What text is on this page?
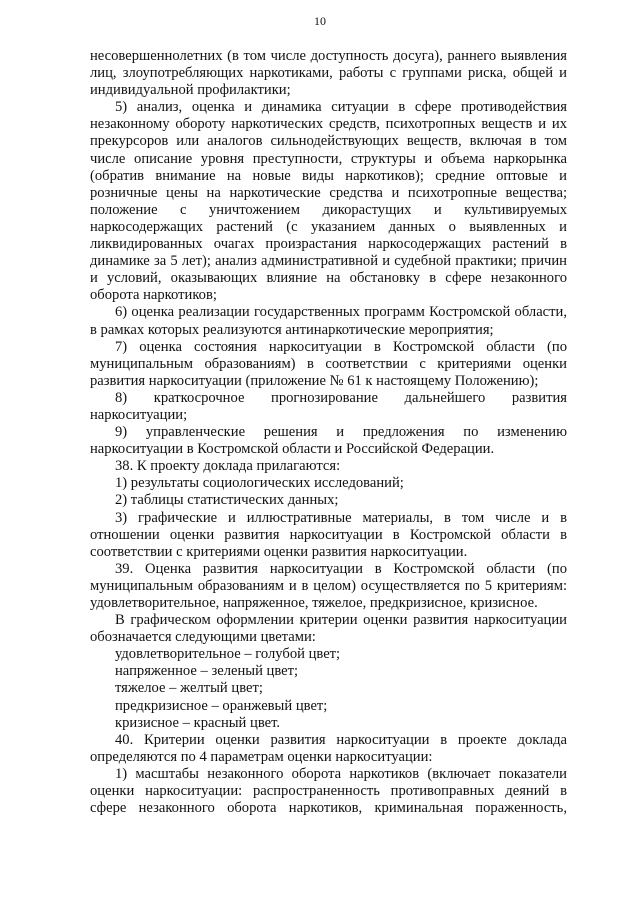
10

несовершеннолетних (в том числе доступность досуга), раннего выявления лиц, злоупотребляющих наркотиками, работы с группами риска, общей и индивидуальной профилактики;

5) анализ, оценка и динамика ситуации в сфере противодействия незаконному обороту наркотических средств, психотропных веществ и их прекурсоров или аналогов сильнодействующих веществ, включая в том числе описание уровня преступности, структуры и объема наркорынка (обратив внимание на новые виды наркотиков); средние оптовые и розничные цены на наркотические средства и психотропные вещества; положение с уничтожением дикорастущих и культивируемых наркосодержащих растений (с указанием данных о выявленных и ликвидированных очагах произрастания наркосодержащих растений в динамике за 5 лет); анализ административной и судебной практики; причин и условий, оказывающих влияние на обстановку в сфере незаконного оборота наркотиков;

6) оценка реализации государственных программ Костромской области, в рамках которых реализуются антинаркотические мероприятия;

7) оценка состояния наркоситуации в Костромской области (по муниципальным образованиям) в соответствии с критериями оценки развития наркоситуации (приложение № 61 к настоящему Положению);

8) краткосрочное прогнозирование дальнейшего развития наркоситуации;

9) управленческие решения и предложения по изменению наркоситуации в Костромской области и Российской Федерации.

38. К проекту доклада прилагаются:

1) результаты социологических исследований;

2) таблицы статистических данных;

3) графические и иллюстративные материалы, в том числе и в отношении оценки развития наркоситуации в Костромской области в соответствии с критериями оценки развития наркоситуации.

39. Оценка развития наркоситуации в Костромской области (по муниципальным образованиям и в целом) осуществляется по 5 критериям: удовлетворительное, напряженное, тяжелое, предкризисное, кризисное.

В графическом оформлении критерии оценки развития наркоситуации обозначается следующими цветами:

удовлетворительное – голубой цвет;

напряженное – зеленый цвет;

тяжелое – желтый цвет;

предкризисное – оранжевый цвет;

кризисное – красный цвет.

40. Критерии оценки развития наркоситуации в проекте доклада определяются по 4 параметрам оценки наркоситуации:

1) масштабы незаконного оборота наркотиков (включает показатели оценки наркоситуации: распространенность противоправных деяний в сфере незаконного оборота наркотиков, криминальная пораженность,
